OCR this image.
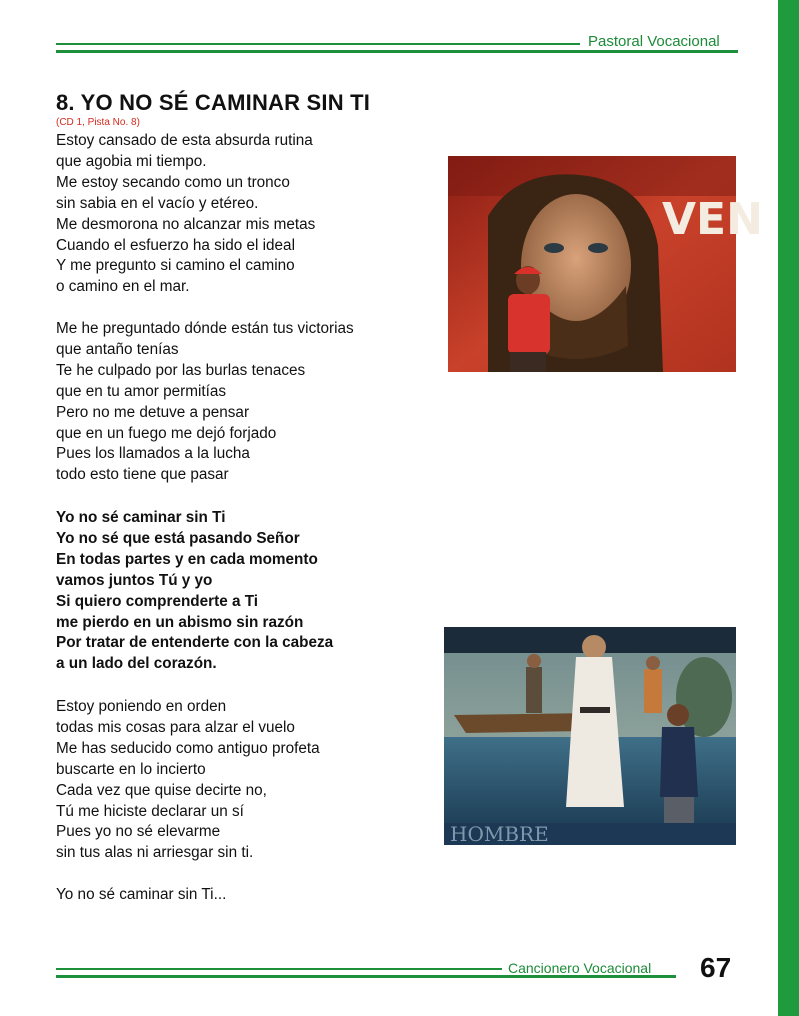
Pastoral Vocacional
8. YO NO SÉ CAMINAR SIN TI
(CD 1, Pista No. 8)
Estoy cansado de esta absurda rutina
que agobia mi tiempo.
Me estoy secando como un tronco
sin sabia en el vacío y etéreo.
Me desmorona no alcanzar mis metas
Cuando el esfuerzo ha sido el ideal
Y me pregunto si camino el camino
o camino en el mar.
Me he preguntado dónde están tus victorias
que antaño tenías
Te he culpado por las burlas tenaces
que en tu amor permitías
Pero no me detuve a pensar
que en un fuego me dejó forjado
Pues los llamados a la lucha
todo esto tiene que pasar
Yo no sé caminar sin Ti
Yo no sé que está pasando Señor
En todas partes y en cada momento
vamos juntos Tú y yo
Si quiero comprenderte a Ti
me pierdo en un abismo sin razón
Por tratar de entenderte con la cabeza
a un lado del corazón.
Estoy poniendo en orden
todas mis cosas para alzar el vuelo
Me has seducido como antiguo profeta
buscarte en lo incierto
Cada vez que quise decirte no,
Tú me hiciste declarar un sí
Pues yo no sé elevarme
sin tus alas ni arriesgar sin ti.
Yo no sé caminar sin Ti...
VEN
HOMBRE
Cancionero Vocacional 67
